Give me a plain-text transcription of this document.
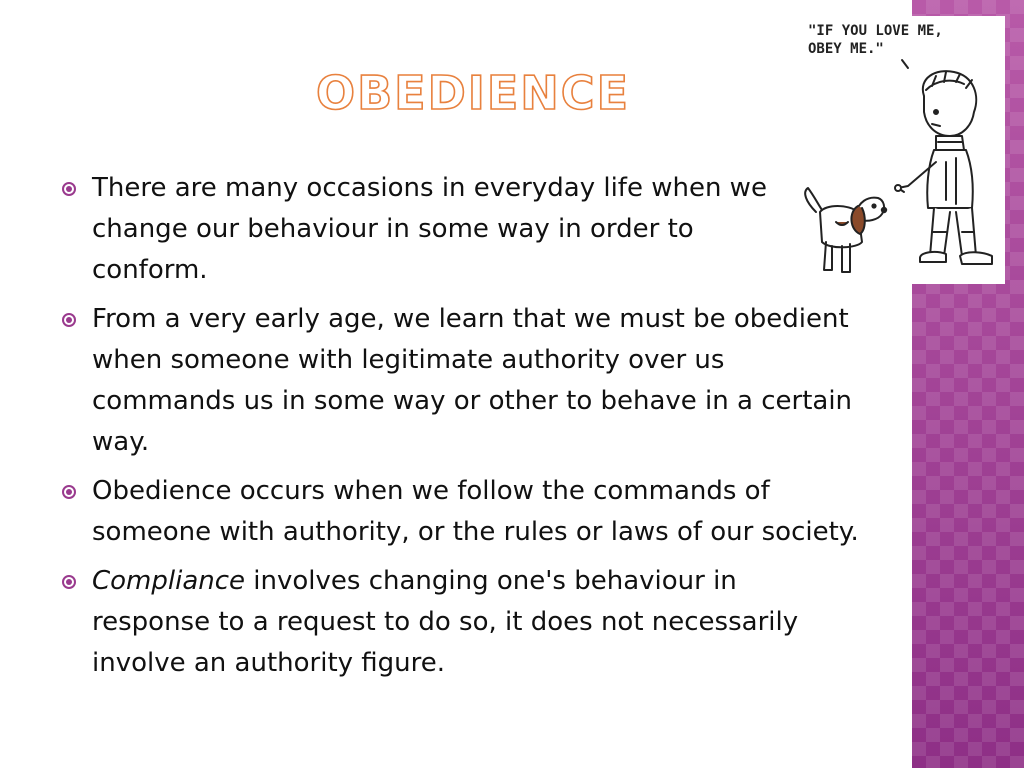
OBEDIENCE
There are many occasions in everyday life when we change our behaviour in some way in order to conform.
From a very early age, we learn that we must be obedient when someone with legitimate authority over us commands us in some way or other to behave in a certain way.
Obedience occurs when we follow the commands of someone with authority, or the rules or laws of our society.
Compliance involves changing one's behaviour in response to a request to do so, it does not necessarily involve an authority figure.
"IF YOU LOVE ME,
OBEY ME."
